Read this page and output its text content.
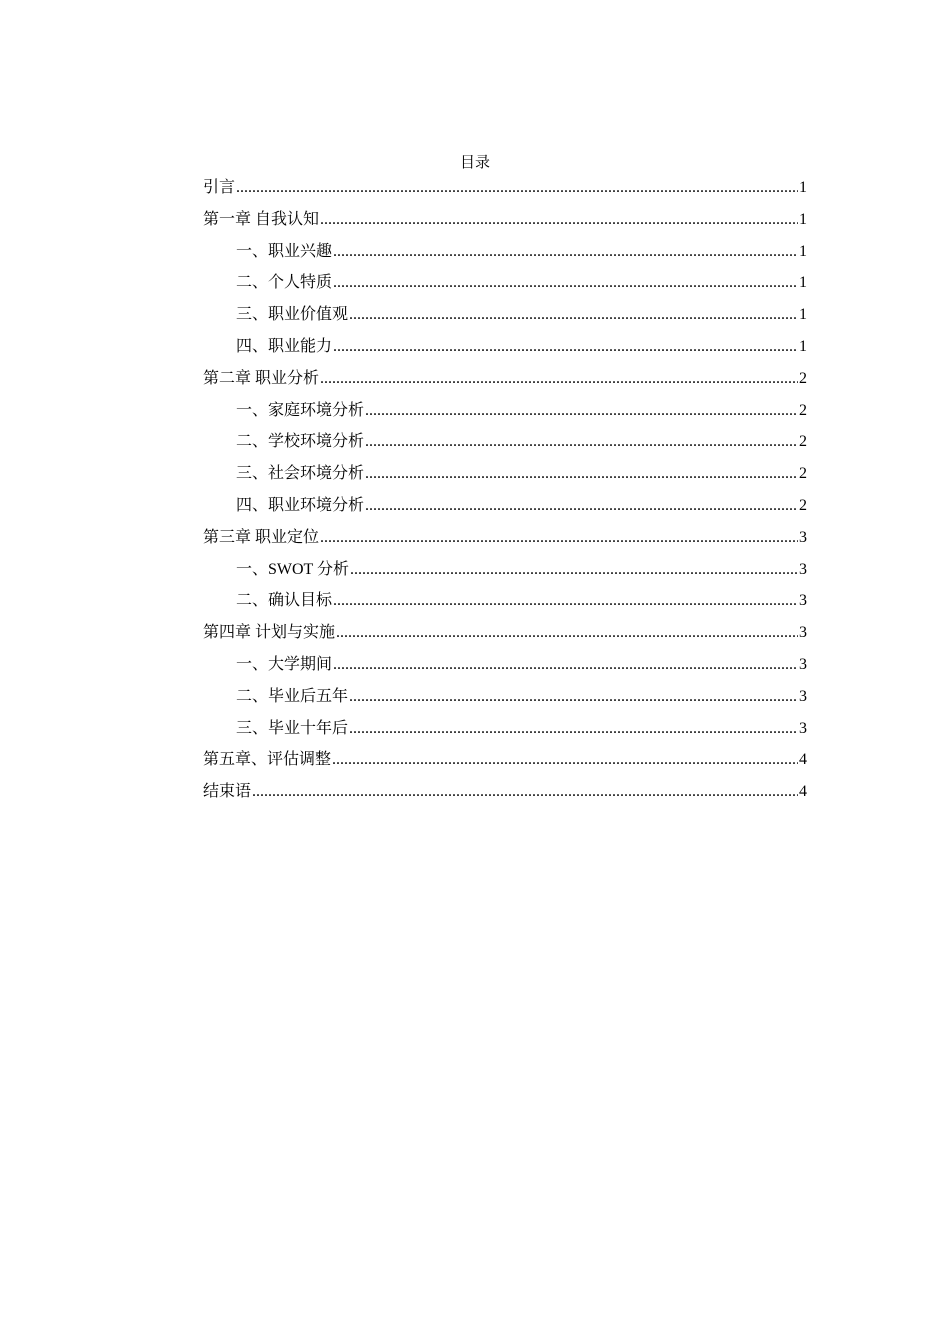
目录
引言 .....	1
第一章 自我认知 .....	1
一、职业兴趣 .....	1
二、个人特质 .....	1
三、职业价值观 .....	1
四、职业能力 .....	1
第二章 职业分析 .....	2
一、家庭环境分析 .....	2
二、学校环境分析 .....	2
三、社会环境分析 .....	2
四、职业环境分析 .....	2
第三章 职业定位 .....	3
一、SWOT 分析 .....	3
二、确认目标 .....	3
第四章 计划与实施 .....	3
一、大学期间 .....	3
二、毕业后五年 .....	3
三、毕业十年后 .....	3
第五章、评估调整 .....	4
结束语 .....	4
